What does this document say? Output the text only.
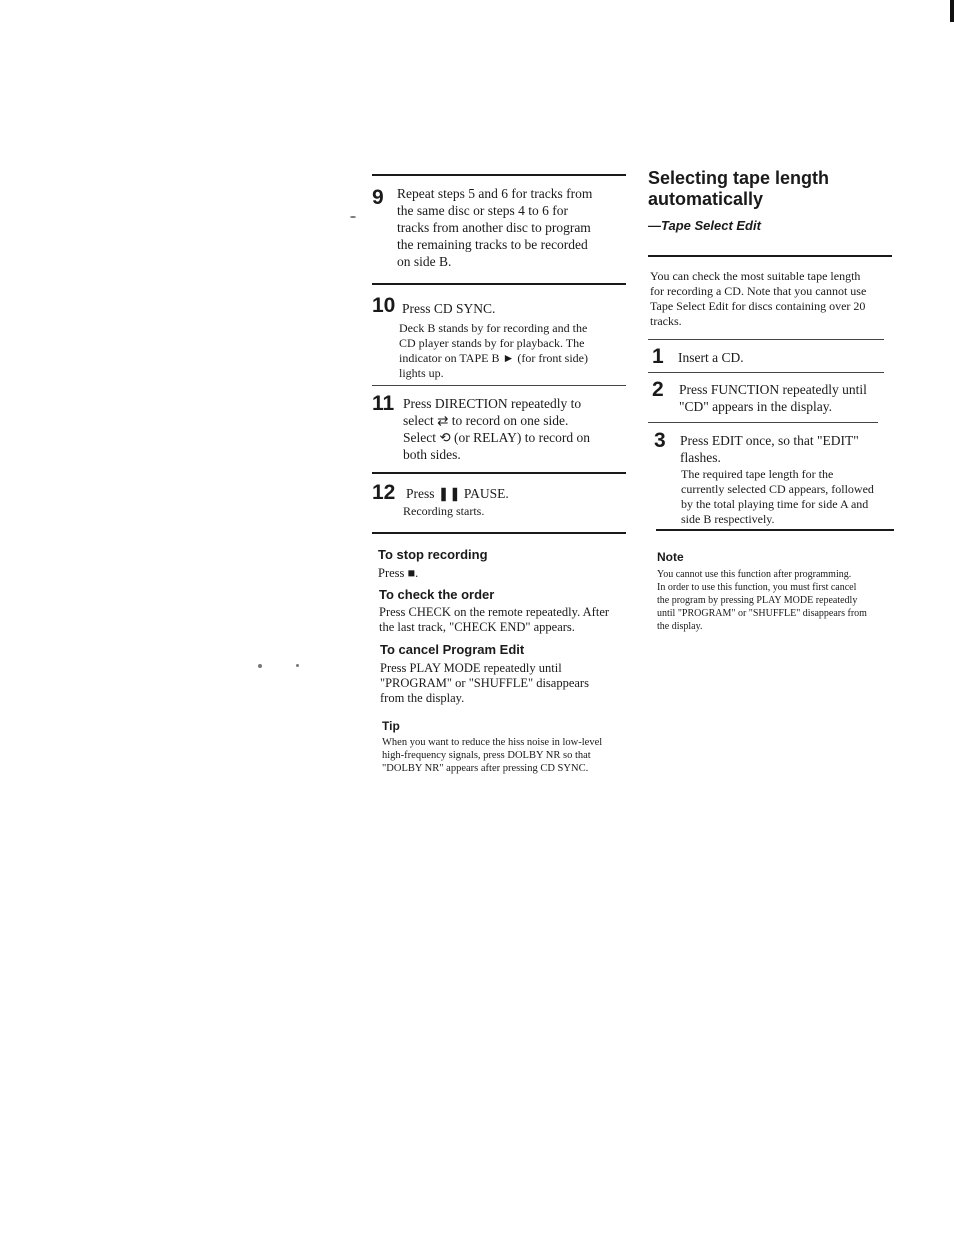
9 Repeat steps 5 and 6 for tracks from
the same disc or steps 4 to 6 for
tracks from another disc to program
the remaining tracks to be recorded
on side B.
10 Press CD SYNC.
Deck B stands by for recording and the
CD player stands by for playback. The
indicator on TAPE B ► (for front side)
lights up.
11 Press DIRECTION repeatedly to
select ⇄ to record on one side.
Select ⟲ (or RELAY) to record on
both sides.
12 Press ❚❚ PAUSE.
Recording starts.
To stop recording
Press ■.
To check the order
Press CHECK on the remote repeatedly. After
the last track, "CHECK END" appears.
To cancel Program Edit
Press PLAY MODE repeatedly until
"PROGRAM" or "SHUFFLE" disappears
from the display.
Tip
When you want to reduce the hiss noise in low-level
high-frequency signals, press DOLBY NR so that
"DOLBY NR" appears after pressing CD SYNC.
Selecting tape length
automatically
—Tape Select Edit
You can check the most suitable tape length
for recording a CD. Note that you cannot use
Tape Select Edit for discs containing over 20
tracks.
1 Insert a CD.
2 Press FUNCTION repeatedly until
"CD" appears in the display.
3 Press EDIT once, so that "EDIT"
flashes.
The required tape length for the
currently selected CD appears, followed
by the total playing time for side A and
side B respectively.
Note
You cannot use this function after programming.
In order to use this function, you must first cancel
the program by pressing PLAY MODE repeatedly
until "PROGRAM" or "SHUFFLE" disappears from
the display.
